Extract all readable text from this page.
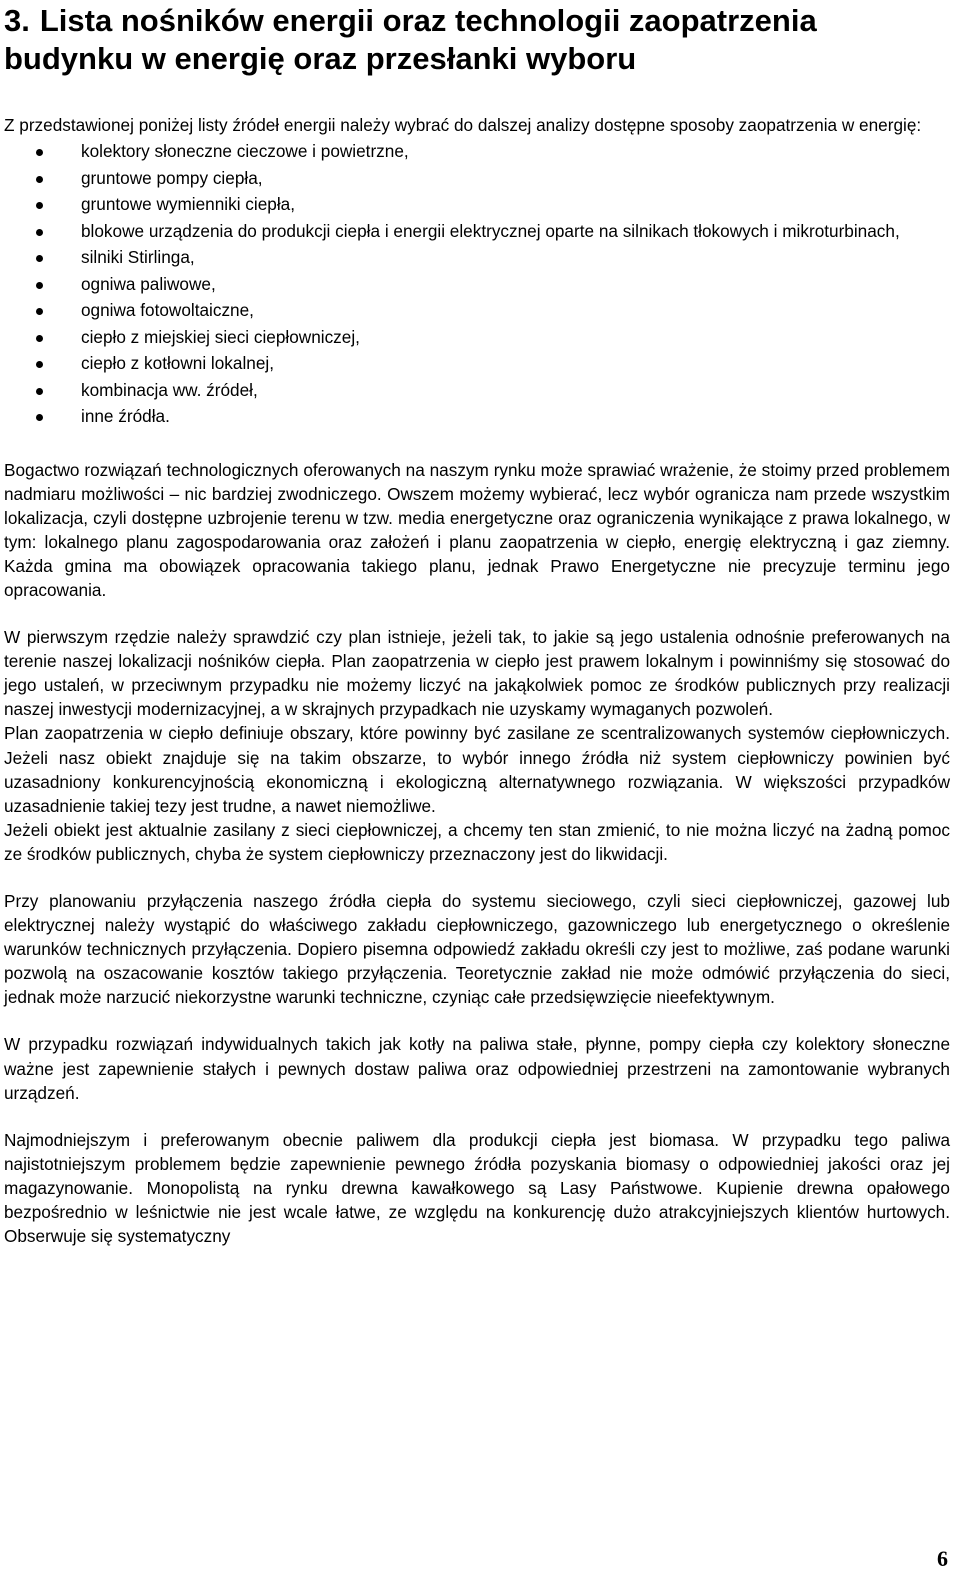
3. Lista nośników energii oraz technologii zaopatrzenia budynku w energię oraz przesłanki wyboru

Z przedstawionej poniżej listy źródeł energii należy wybrać do dalszej analizy dostępne sposoby zaopatrzenia w energię:

kolektory słoneczne cieczowe i powietrzne,
gruntowe pompy ciepła,
gruntowe wymienniki ciepła,
blokowe urządzenia do produkcji ciepła i energii elektrycznej oparte na silnikach tłokowych i mikroturbinach,
silniki Stirlinga,
ogniwa paliwowe,
ogniwa fotowoltaiczne,
ciepło z miejskiej sieci ciepłowniczej,
ciepło z kotłowni lokalnej,
kombinacja ww. źródeł,
inne źródła.

Bogactwo rozwiązań technologicznych oferowanych na naszym rynku może sprawiać wrażenie, że stoimy przed problemem nadmiaru możliwości – nic bardziej zwodniczego. Owszem możemy wybierać, lecz wybór ogranicza nam przede wszystkim lokalizacja, czyli dostępne uzbrojenie terenu w tzw. media energetyczne oraz ograniczenia wynikające z prawa lokalnego, w tym: lokalnego planu zagospodarowania oraz założeń i planu zaopatrzenia w ciepło, energię elektryczną i gaz ziemny. Każda gmina ma obowiązek opracowania takiego planu, jednak Prawo Energetyczne nie precyzuje terminu jego opracowania.

W pierwszym rzędzie należy sprawdzić czy plan istnieje, jeżeli tak, to jakie są jego ustalenia odnośnie preferowanych na terenie naszej lokalizacji nośników ciepła. Plan zaopatrzenia w ciepło jest prawem lokalnym i powinniśmy się stosować do jego ustaleń, w przeciwnym przypadku nie możemy liczyć na jakąkolwiek pomoc ze środków publicznych przy realizacji naszej inwestycji modernizacyjnej, a w skrajnych przypadkach nie uzyskamy wymaganych pozwoleń.

Plan zaopatrzenia w ciepło definiuje obszary, które powinny być zasilane ze scentralizowanych systemów ciepłowniczych. Jeżeli nasz obiekt znajduje się na takim obszarze, to wybór innego źródła niż system ciepłowniczy powinien być uzasadniony konkurencyjnością ekonomiczną i ekologiczną alternatywnego rozwiązania. W większości przypadków uzasadnienie takiej tezy jest trudne, a nawet niemożliwe.

Jeżeli obiekt jest aktualnie zasilany z sieci ciepłowniczej, a chcemy ten stan zmienić, to nie można liczyć na żadną pomoc ze środków publicznych, chyba że system ciepłowniczy przeznaczony jest do likwidacji.

Przy planowaniu przyłączenia naszego źródła ciepła do systemu sieciowego, czyli sieci ciepłowniczej, gazowej lub elektrycznej należy wystąpić do właściwego zakładu ciepłowniczego, gazowniczego lub energetycznego o określenie warunków technicznych przyłączenia. Dopiero pisemna odpowiedź zakładu określi czy jest to możliwe, zaś podane warunki pozwolą na oszacowanie kosztów takiego przyłączenia. Teoretycznie zakład nie może odmówić przyłączenia do sieci, jednak może narzucić niekorzystne warunki techniczne, czyniąc całe przedsięwzięcie nieefektywnym.

W przypadku rozwiązań indywidualnych takich jak kotły na paliwa stałe, płynne, pompy ciepła czy kolektory słoneczne ważne jest zapewnienie stałych i pewnych dostaw paliwa oraz odpowiedniej przestrzeni na zamontowanie wybranych urządzeń.

Najmodniejszym i preferowanym obecnie paliwem dla produkcji ciepła jest biomasa. W przypadku tego paliwa najistotniejszym problemem będzie zapewnienie pewnego źródła pozyskania biomasy o odpowiedniej jakości oraz jej magazynowanie. Monopolistą na rynku drewna kawałkowego są Lasy Państwowe. Kupienie drewna opałowego bezpośrednio w leśnictwie nie jest wcale łatwe, ze względu na konkurencję dużo atrakcyjniejszych klientów hurtowych. Obserwuje się systematyczny

6
